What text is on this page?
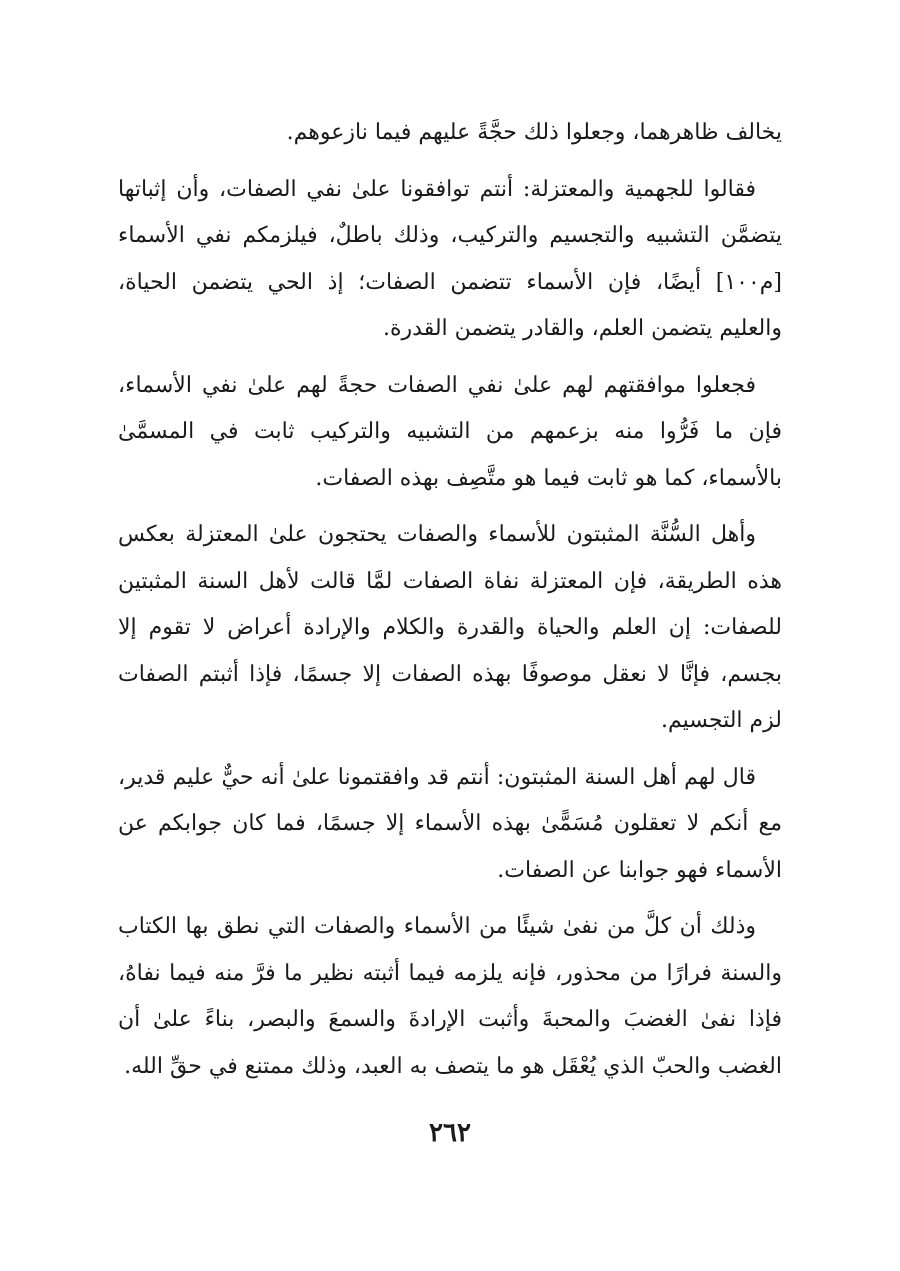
يخالف ظاهرهما، وجعلوا ذلك حجَّةً عليهم فيما نازعوهم.

فقالوا للجهمية والمعتزلة: أنتم توافقونا علىٰ نفي الصفات، وأن إثباتها يتضمَّن التشبيه والتجسيم والتركيب، وذلك باطلٌ، فيلزمكم نفي الأسماء [م١٠٠] أيضًا، فإن الأسماء تتضمن الصفات؛ إذ الحي يتضمن الحياة، والعليم يتضمن العلم، والقادر يتضمن القدرة.

فجعلوا موافقتهم لهم علىٰ نفي الصفات حجةً لهم علىٰ نفي الأسماء، فإن ما فَرُّوا منه بزعمهم من التشبيه والتركيب ثابت في المسمَّىٰ بالأسماء، كما هو ثابت فيما هو متَّصِف بهذه الصفات.

وأهل السُّنَّة المثبتون للأسماء والصفات يحتجون علىٰ المعتزلة بعكس هذه الطريقة، فإن المعتزلة نفاة الصفات لمَّا قالت لأهل السنة المثبتين للصفات: إن العلم والحياة والقدرة والكلام والإرادة أعراض لا تقوم إلا بجسم، فإنَّا لا نعقل موصوفًا بهذه الصفات إلا جسمًا، فإذا أثبتم الصفات لزم التجسيم.

قال لهم أهل السنة المثبتون: أنتم قد وافقتمونا علىٰ أنه حيٌّ عليم قدير، مع أنكم لا تعقلون مُسَمًّىٰ بهذه الأسماء إلا جسمًا، فما كان جوابكم عن الأسماء فهو جوابنا عن الصفات.

وذلك أن كلَّ من نفىٰ شيئًا من الأسماء والصفات التي نطق بها الكتاب والسنة فرارًا من محذور، فإنه يلزمه فيما أثبته نظير ما فرَّ منه فيما نفاهُ، فإذا نفىٰ الغضبَ والمحبةَ وأثبت الإرادةَ والسمعَ والبصر، بناءً علىٰ أن الغضب والحبّ الذي يُعْقَل هو ما يتصف به العبد، وذلك ممتنع في حقِّ الله.

٢٦٢
